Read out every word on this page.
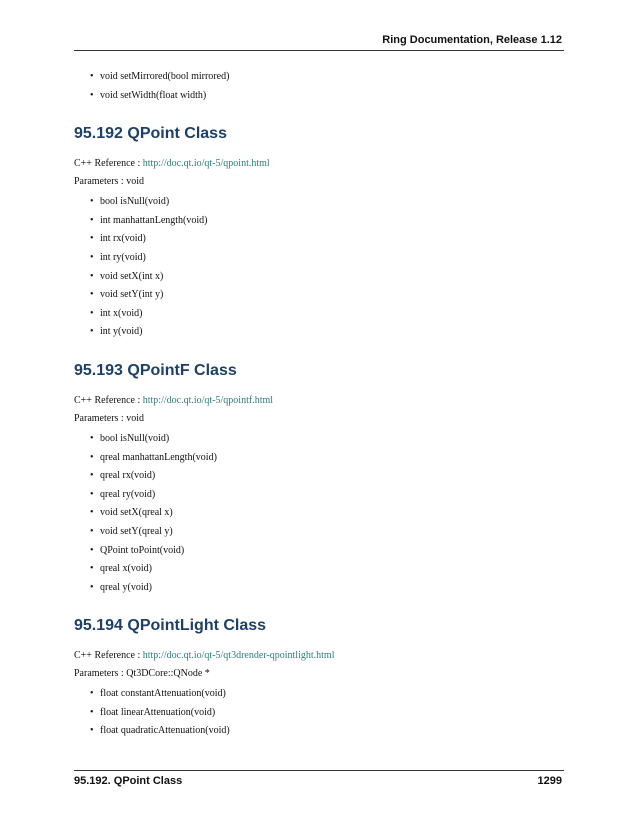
Ring Documentation, Release 1.12
• void setMirrored(bool mirrored)
• void setWidth(float width)
95.192 QPoint Class
C++ Reference : http://doc.qt.io/qt-5/qpoint.html
Parameters : void
• bool isNull(void)
• int manhattanLength(void)
• int rx(void)
• int ry(void)
• void setX(int x)
• void setY(int y)
• int x(void)
• int y(void)
95.193 QPointF Class
C++ Reference : http://doc.qt.io/qt-5/qpointf.html
Parameters : void
• bool isNull(void)
• qreal manhattanLength(void)
• qreal rx(void)
• qreal ry(void)
• void setX(qreal x)
• void setY(qreal y)
• QPoint toPoint(void)
• qreal x(void)
• qreal y(void)
95.194 QPointLight Class
C++ Reference : http://doc.qt.io/qt-5/qt3drender-qpointlight.html
Parameters : Qt3DCore::QNode *
• float constantAttenuation(void)
• float linearAttenuation(void)
• float quadraticAttenuation(void)
95.192. QPoint Class	1299
